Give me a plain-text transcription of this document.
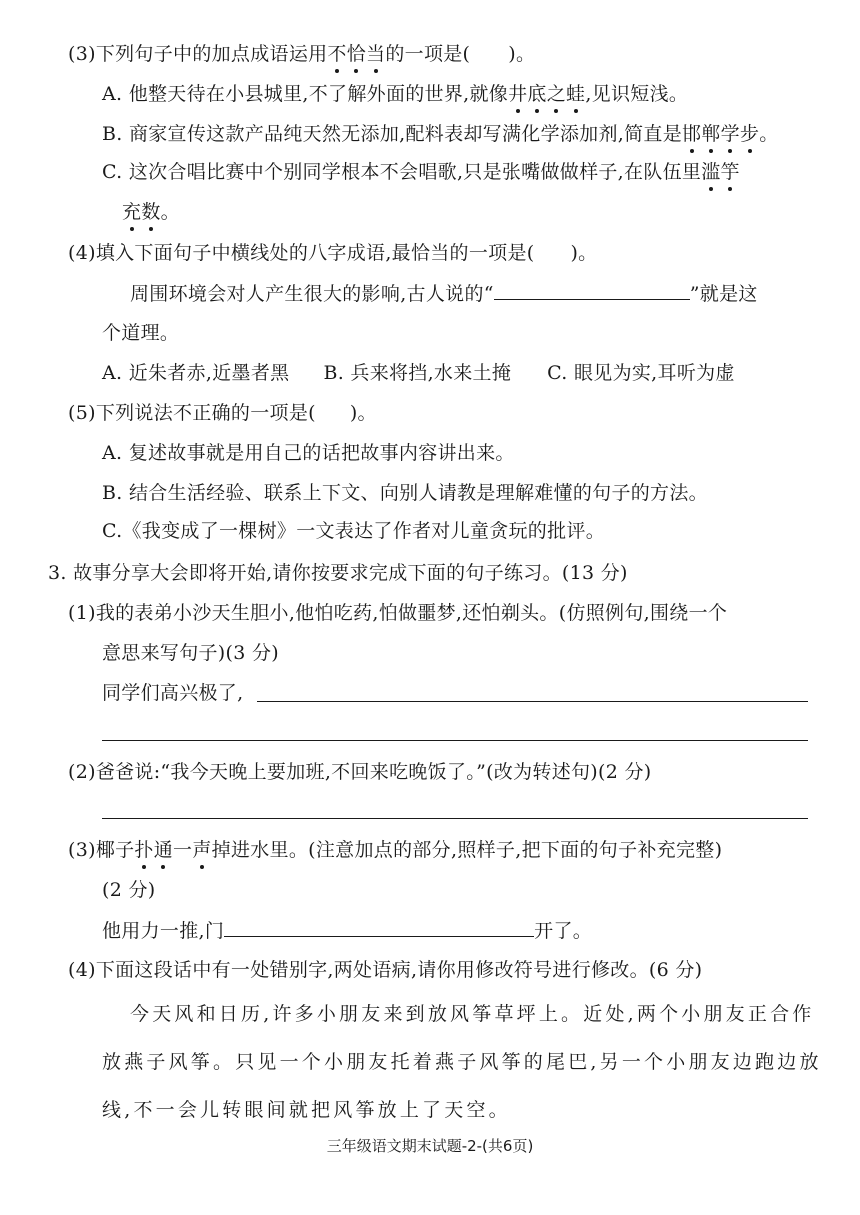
(3)下列句子中的加点成语运用不恰当的一项是( )。
A. 他整天待在小县城里,不了解外面的世界,就像井底之蛙,见识短浅。
B. 商家宣传这款产品纯天然无添加,配料表却写满化学添加剂,简直是邯郸学步。
C. 这次合唱比赛中个别同学根本不会唱歌,只是张嘴做做样子,在队伍里滥竽
充数。
(4)填入下面句子中横线处的八字成语,最恰当的一项是( )。
周围环境会对人产生很大的影响,古人说的“	”就是这
个道理。
A. 近朱者赤,近墨者黑 B. 兵来将挡,水来土掩 C. 眼见为实,耳听为虚
(5)下列说法不正确的一项是( )。
A. 复述故事就是用自己的话把故事内容讲出来。
B. 结合生活经验、联系上下文、向别人请教是理解难懂的句子的方法。
C.《我变成了一棵树》一文表达了作者对儿童贪玩的批评。
3. 故事分享大会即将开始,请你按要求完成下面的句子练习。(13 分)
(1)我的表弟小沙天生胆小,他怕吃药,怕做噩梦,还怕剃头。(仿照例句,围绕一个
意思来写句子)(3 分)
同学们高兴极了,
(2)爸爸说:“我今天晚上要加班,不回来吃晚饭了。”(改为转述句)(2 分)
(3)椰子扑通一声掉进水里。(注意加点的部分,照样子,把下面的句子补充完整)
(2 分)
他用力一推,门	开了。
(4)下面这段话中有一处错别字,两处语病,请你用修改符号进行修改。(6 分)
今天风和日历,许多小朋友来到放风筝草坪上。近处,两个小朋友正合作
放燕子风筝。只见一个小朋友托着燕子风筝的尾巴,另一个小朋友边跑边放
线,不一会儿转眼间就把风筝放上了天空。
三年级语文期末试题-2-(共6页)
